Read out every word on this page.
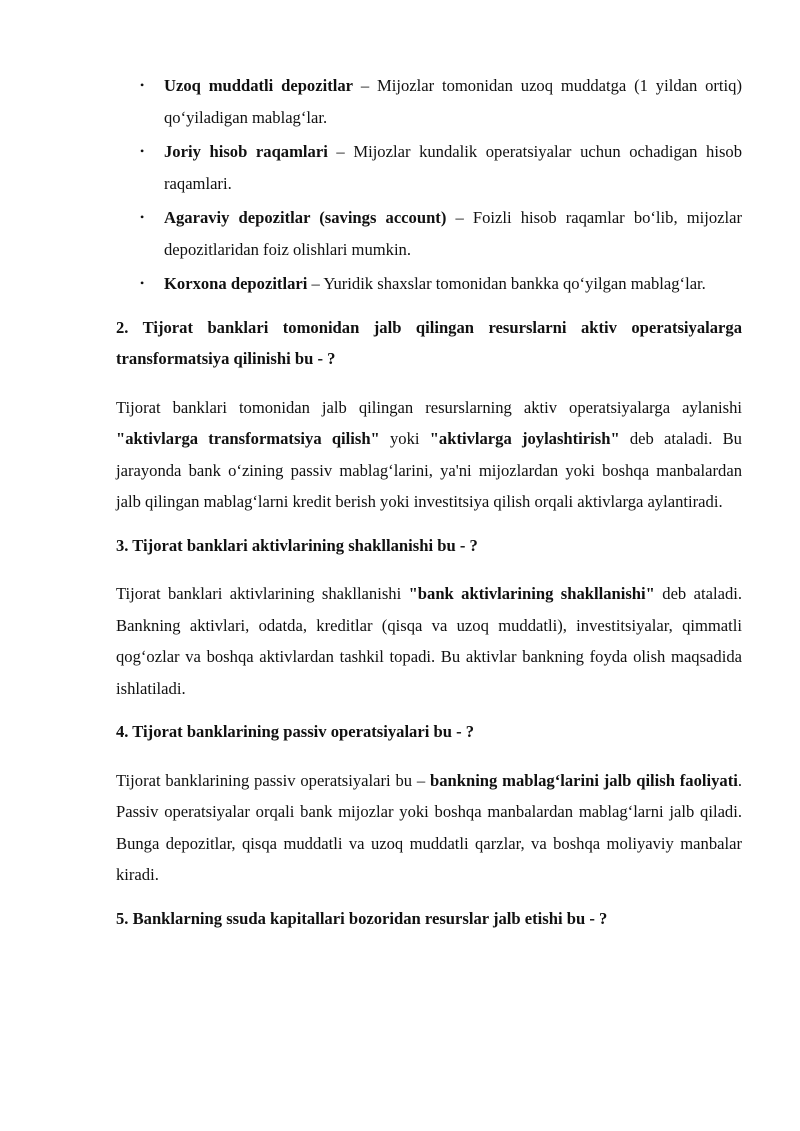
• Uzoq muddatli depozitlar – Mijozlar tomonidan uzoq muddatga (1 yildan ortiq) qo‘yiladigan mablag‘lar.
• Joriy hisob raqamlari – Mijozlar kundalik operatsiyalar uchun ochadigan hisob raqamlari.
• Agaraviy depozitlar (savings account) – Foizli hisob raqamlar bo‘lib, mijozlar depozitlaridan foiz olishlari mumkin.
• Korxona depozitlari – Yuridik shaxslar tomonidan bankka qo‘yilgan mablag‘lar.

2. Tijorat banklari tomonidan jalb qilingan resurslarni aktiv operatsiyalarga transformatsiya qilinishi bu - ?

Tijorat banklari tomonidan jalb qilingan resurslarning aktiv operatsiyalarga aylanishi "aktivlarga transformatsiya qilish" yoki "aktivlarga joylashtirish" deb ataladi. Bu jarayonda bank o‘zining passiv mablag‘larini, ya'ni mijozlardan yoki boshqa manbalardan jalb qilingan mablag‘larni kredit berish yoki investitsiya qilish orqali aktivlarga aylantiradi.

3. Tijorat banklari aktivlarining shakllanishi bu - ?

Tijorat banklari aktivlarining shakllanishi "bank aktivlarining shakllanishi" deb ataladi. Bankning aktivlari, odatda, kreditlar (qisqa va uzoq muddatli), investitsiyalar, qimmatli qog‘ozlar va boshqa aktivlardan tashkil topadi. Bu aktivlar bankning foyda olish maqsadida ishlatiladi.

4. Tijorat banklarining passiv operatsiyalari bu - ?

Tijorat banklarining passiv operatsiyalari bu – bankning mablag‘larini jalb qilish faoliyati. Passiv operatsiyalar orqali bank mijozlar yoki boshqa manbalardan mablag‘larni jalb qiladi. Bunga depozitlar, qisqa muddatli va uzoq muddatli qarzlar, va boshqa moliyaviy manbalar kiradi.

5. Banklarning ssuda kapitallari bozoridan resurslar jalb etishi bu - ?
